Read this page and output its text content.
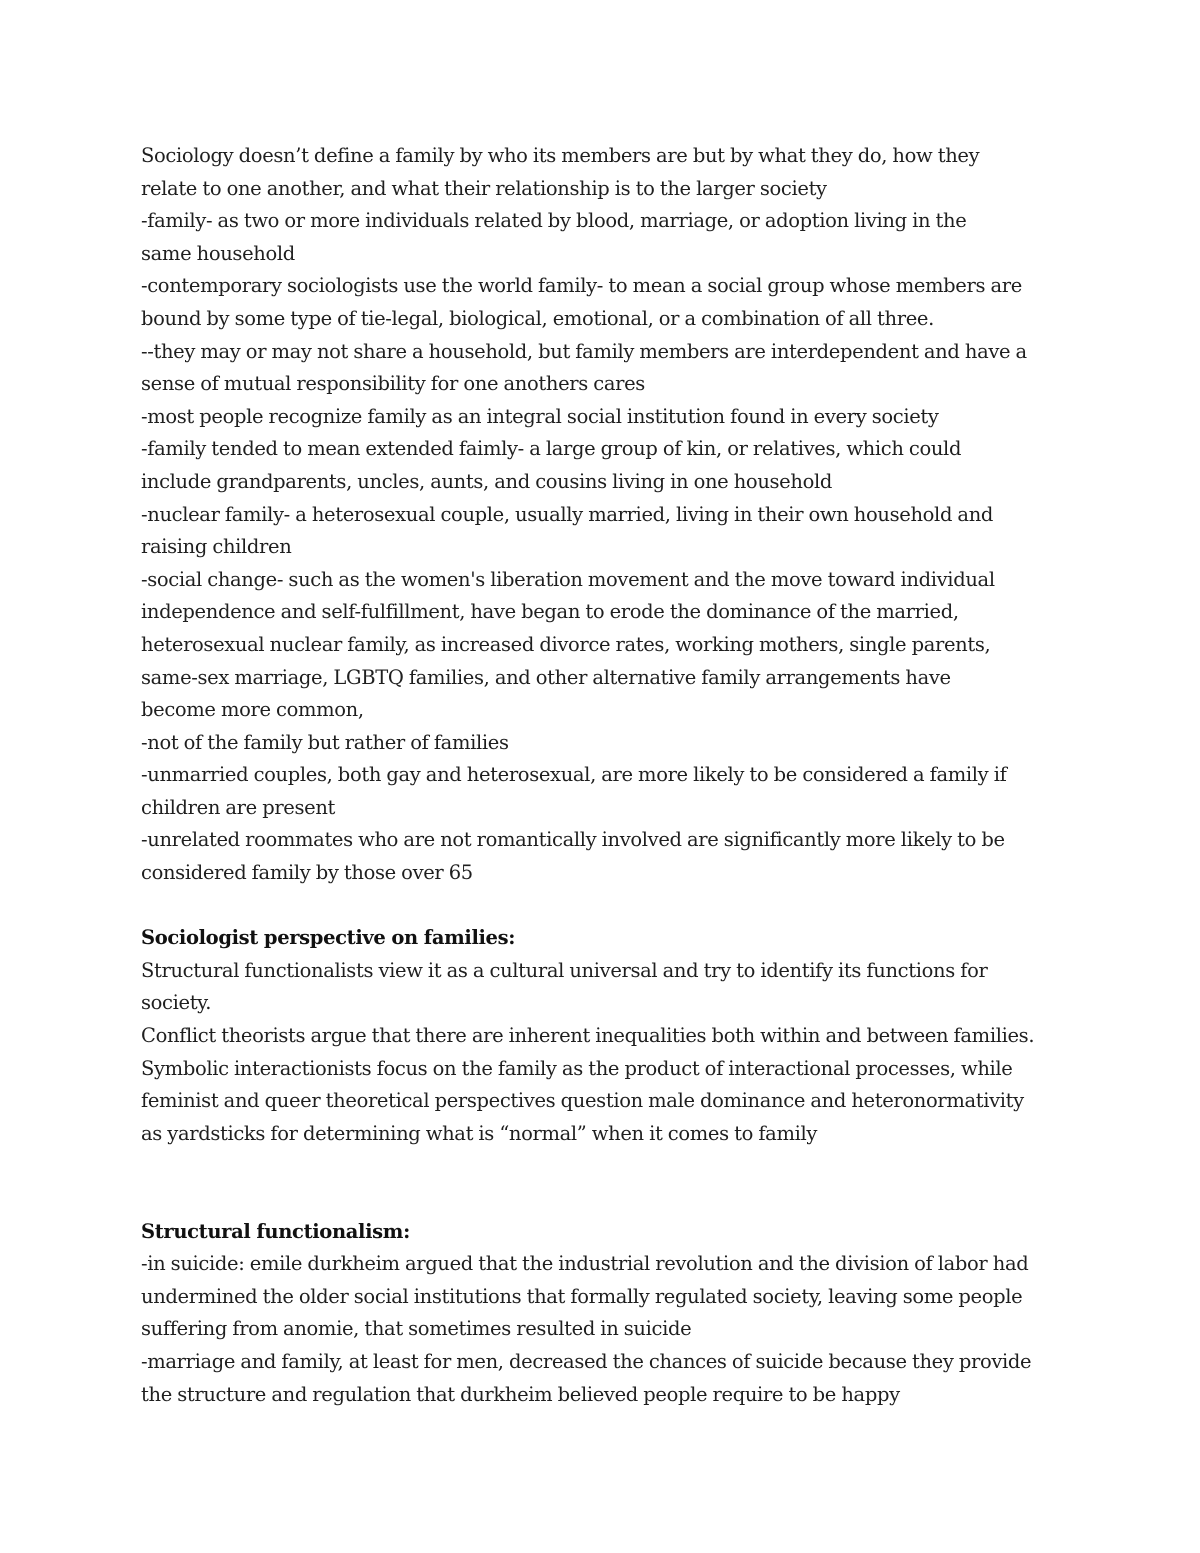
Sociology doesn’t define a family by who its members are but by what they do, how they
relate to one another, and what their relationship is to the larger society
-family- as two or more individuals related by blood, marriage, or adoption living in the
same household
-contemporary sociologists use the world family- to mean a social group whose members are
bound by some type of tie-legal, biological, emotional, or a combination of all three.
--they may or may not share a household, but family members are interdependent and have a
sense of mutual responsibility for one anothers cares
-most people recognize family as an integral social institution found in every society
-family tended to mean extended faimly- a large group of kin, or relatives, which could
include grandparents, uncles, aunts, and cousins living in one household
-nuclear family- a heterosexual couple, usually married, living in their own household and
raising children
-social change- such as the women's liberation movement and the move toward individual
independence and self-fulfillment, have began to erode the dominance of the married,
heterosexual nuclear family, as increased divorce rates, working mothers, single parents,
same-sex marriage, LGBTQ families, and other alternative family arrangements have
become more common,
-not of the family but rather of families
-unmarried couples, both gay and heterosexual, are more likely to be considered a family if
children are present
-unrelated roommates who are not romantically involved are significantly more likely to be
considered family by those over 65
Sociologist perspective on families:
Structural functionalists view it as a cultural universal and try to identify its functions for
society.
Conflict theorists argue that there are inherent inequalities both within and between families.
Symbolic interactionists focus on the family as the product of interactional processes, while
feminist and queer theoretical perspectives question male dominance and heteronormativity
as yardsticks for determining what is “normal” when it comes to family
Structural functionalism:
-in suicide: emile durkheim argued that the industrial revolution and the division of labor had
undermined the older social institutions that formally regulated society, leaving some people
suffering from anomie, that sometimes resulted in suicide
-marriage and family, at least for men, decreased the chances of suicide because they provide
the structure and regulation that durkheim believed people require to be happy
